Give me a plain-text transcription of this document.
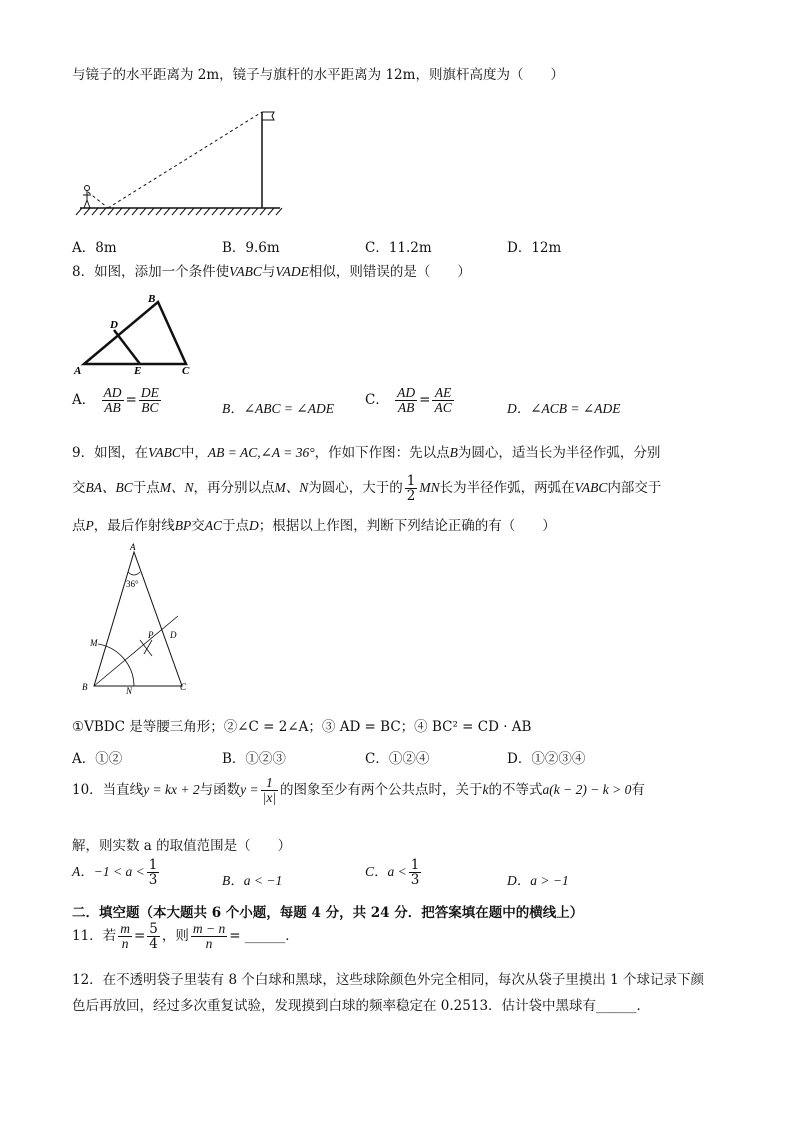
与镜子的水平距离为 2m，镜子与旗杆的水平距离为 12m，则旗杆高度为（　　）
A．8m	B．9.6m	C．11.2m	D．12m
8．如图，添加一个条件使VABC与VADE相似，则错误的是（　　）
A
B
C
D
E
A． $\frac{AD}{AB} = \frac{DE}{BC}$	B．∠ABC = ∠ADE
C． $\frac{AD}{AB} = \frac{AE}{AC}$	D．∠ACB = ∠ADE
9．如图，在VABC中，AB = AC,∠A = 36°，作如下作图：先以点B为圆心，适当长为半径作弧，分别
交BA、BC于点M、N，再分别以点M、N为圆心，大于的 $\frac{1}{2}$ MN长为半径作弧，两弧在VABC内部交于
点P，最后作射线BP交AC于点D；根据以上作图，判断下列结论正确的有（　　）
36°
A
B	C
D
M
N
P
①VBDC 是等腰三角形；②∠C = 2∠A；③ AD = BC；④ BC² = CD · AB
A．①②	B．①②③	C．①②④	D．①②③④
10．当直线y = kx + 2与函数$y = \frac{1}{|x|}$ 的图象至少有两个公共点时，关于k的不等式a(k − 2) − k > 0有
解，则实数 a 的取值范围是（　　）
A．$-1 < a < \frac{1}{3}$	B．a < −1
C．$a < \frac{1}{3}$	D．a > −1
二．填空题（本大题共 6 个小题，每题 4 分，共 24 分．把答案填在题中的横线上）
11．若 $\frac{m}{n} = \frac{5}{4}$ ，则 $\frac{m - n}{n}$ = ______．
12．在不透明袋子里装有 8 个白球和黑球，这些球除颜色外完全相同，每次从袋子里摸出 1 个球记录下颜
色后再放回，经过多次重复试验，发现摸到白球的频率稳定在 0.2513．估计袋中黑球有______．
